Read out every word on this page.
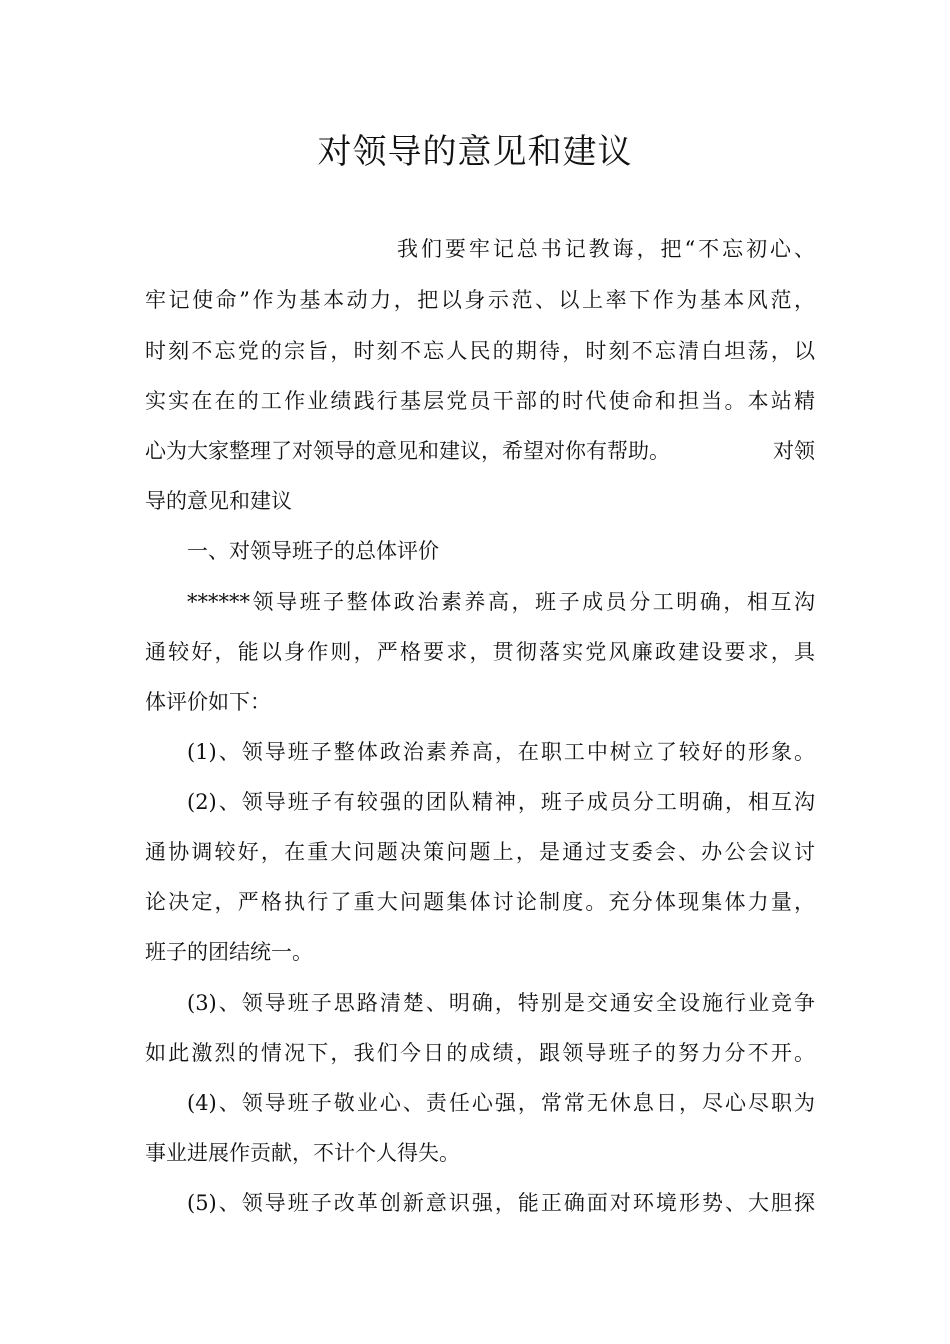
对领导的意见和建议

我们要牢记总书记教诲，把“不忘初心、

牢记使命”作为基本动力，把以身示范、以上率下作为基本风范，

时刻不忘党的宗旨，时刻不忘人民的期待，时刻不忘清白坦荡，以

实实在在的工作业绩践行基层党员干部的时代使命和担当。本站精

心为大家整理了对领导的意见和建议，希望对你有帮助。	对领

导的意见和建议

一、对领导班子的总体评价

******领导班子整体政治素养高，班子成员分工明确，相互沟

通较好，能以身作则，严格要求，贯彻落实党风廉政建设要求，具

体评价如下：

(1)、领导班子整体政治素养高，在职工中树立了较好的形象。

(2)、领导班子有较强的团队精神，班子成员分工明确，相互沟

通协调较好，在重大问题决策问题上，是通过支委会、办公会议讨

论决定，严格执行了重大问题集体讨论制度。充分体现集体力量，

班子的团结统一。

(3)、领导班子思路清楚、明确，特别是交通安全设施行业竞争

如此激烈的情况下，我们今日的成绩，跟领导班子的努力分不开。

(4)、领导班子敬业心、责任心强，常常无休息日，尽心尽职为

事业进展作贡献，不计个人得失。

(5)、领导班子改革创新意识强，能正确面对环境形势、大胆探
